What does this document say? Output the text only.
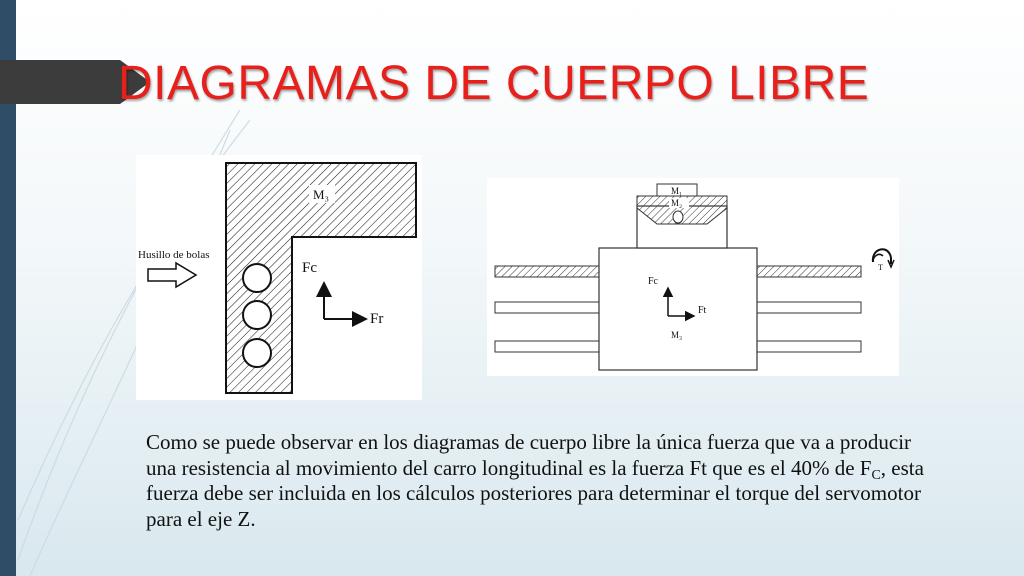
DIAGRAMAS DE CUERPO LIBRE
M₃
Husillo de bolas
Fc
Fr
M₁
M₂
Fc
Ft
M₃
T

Como se puede observar en los diagramas de cuerpo libre la única fuerza que va a producir una resistencia al movimiento del carro longitudinal es la fuerza Ft que es el 40% de $F_C$, esta fuerza debe ser incluida en los cálculos posteriores para determinar el torque del servomotor para el eje Z.
